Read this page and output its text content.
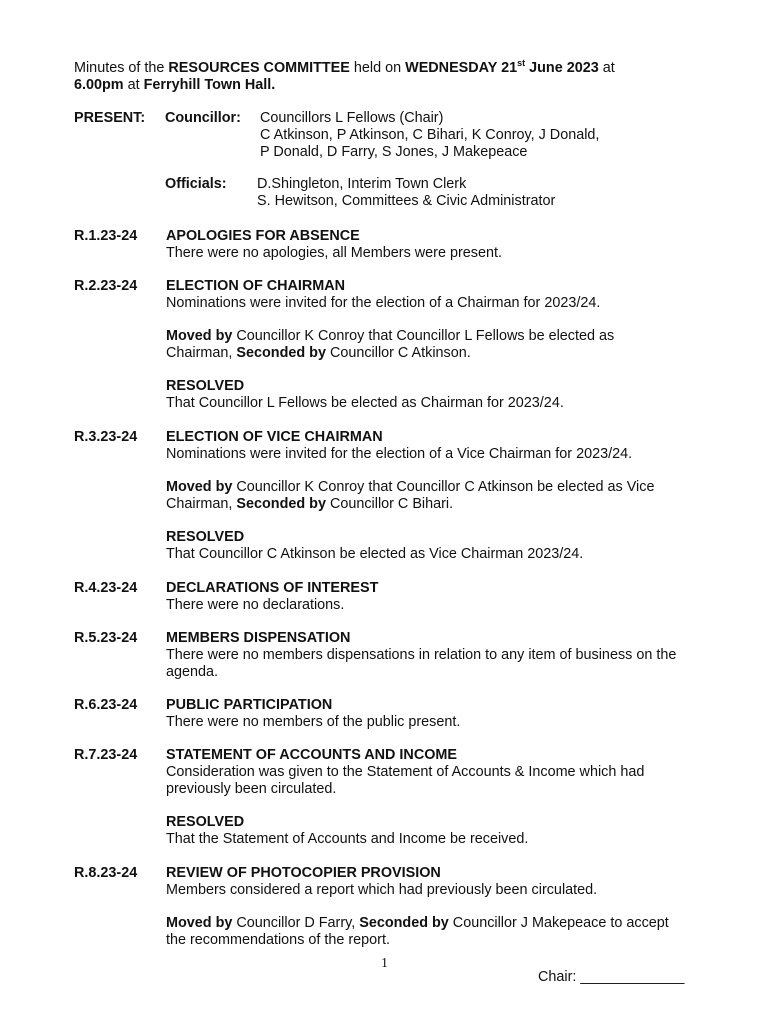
Minutes of the RESOURCES COMMITTEE held on WEDNESDAY 21st June 2023 at
6.00pm at Ferryhill Town Hall.
PRESENT: Councillor: Councillors L Fellows (Chair)
C Atkinson, P Atkinson, C Bihari, K Conroy, J Donald,
P Donald, D Farry, S Jones, J Makepeace
Officials: D.Shingleton, Interim Town Clerk
S. Hewitson, Committees & Civic Administrator
R.1.23-24 APOLOGIES FOR ABSENCE
There were no apologies, all Members were present.
R.2.23-24 ELECTION OF CHAIRMAN
Nominations were invited for the election of a Chairman for 2023/24.
Moved by Councillor K Conroy that Councillor L Fellows be elected as Chairman, Seconded by Councillor C Atkinson.
RESOLVED
That Councillor L Fellows be elected as Chairman for 2023/24.
R.3.23-24 ELECTION OF VICE CHAIRMAN
Nominations were invited for the election of a Vice Chairman for 2023/24.
Moved by Councillor K Conroy that Councillor C Atkinson be elected as Vice Chairman, Seconded by Councillor C Bihari.
RESOLVED
That Councillor C Atkinson be elected as Vice Chairman 2023/24.
R.4.23-24 DECLARATIONS OF INTEREST
There were no declarations.
R.5.23-24 MEMBERS DISPENSATION
There were no members dispensations in relation to any item of business on the agenda.
R.6.23-24 PUBLIC PARTICIPATION
There were no members of the public present.
R.7.23-24 STATEMENT OF ACCOUNTS AND INCOME
Consideration was given to the Statement of Accounts & Income which had previously been circulated.
RESOLVED
That the Statement of Accounts and Income be received.
R.8.23-24 REVIEW OF PHOTOCOPIER PROVISION
Members considered a report which had previously been circulated.
Moved by Councillor D Farry, Seconded by Councillor J Makepeace to accept the recommendations of the report.
1
Chair: _____________
